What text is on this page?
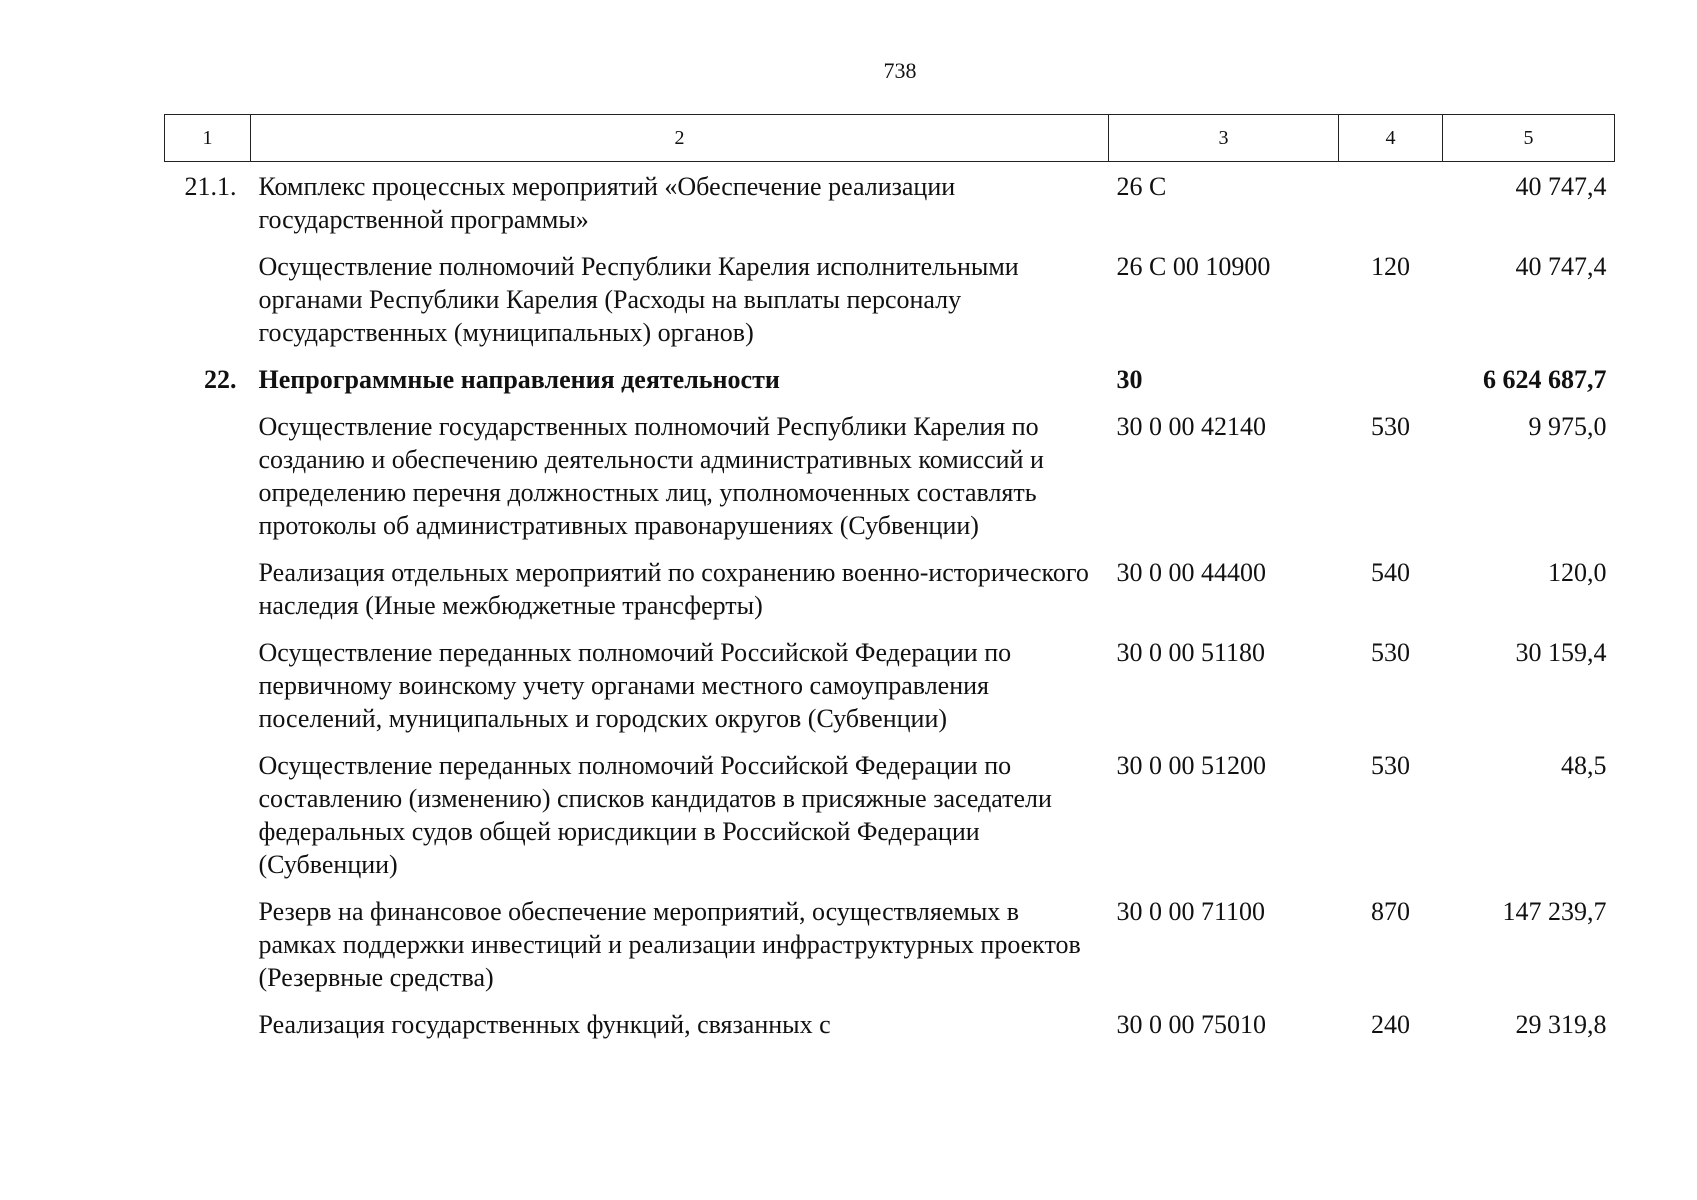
738
1	2	3	4	5
21.1.	Комплекс процессных мероприятий «Обеспечение реализации государственной программы»	26 С		40 747,4
	Осуществление полномочий Республики Карелия исполнительными органами Республики Карелия (Расходы на выплаты персоналу государственных (муниципальных) органов)	26 С 00 10900	120	40 747,4
22.	Непрограммные направления деятельности	30		6 624 687,7
	Осуществление государственных полномочий Республики Карелия по созданию и обеспечению деятельности административных комиссий и определению перечня должностных лиц, уполномоченных составлять протоколы об административных правонарушениях (Субвенции)	30 0 00 42140	530	9 975,0
	Реализация отдельных мероприятий по сохранению военно-исторического наследия (Иные межбюджетные трансферты)	30 0 00 44400	540	120,0
	Осуществление переданных полномочий Российской Федерации по первичному воинскому учету органами местного самоуправления поселений, муниципальных и городских округов (Субвенции)	30 0 00 51180	530	30 159,4
	Осуществление переданных полномочий Российской Федерации по составлению (изменению) списков кандидатов в присяжные заседатели федеральных судов общей юрисдикции в Российской Федерации (Субвенции)	30 0 00 51200	530	48,5
	Резерв на финансовое обеспечение мероприятий, осуществляемых в рамках поддержки инвестиций и реализации инфраструктурных проектов (Резервные средства)	30 0 00 71100	870	147 239,7
	Реализация государственных функций, связанных с	30 0 00 75010	240	29 319,8
